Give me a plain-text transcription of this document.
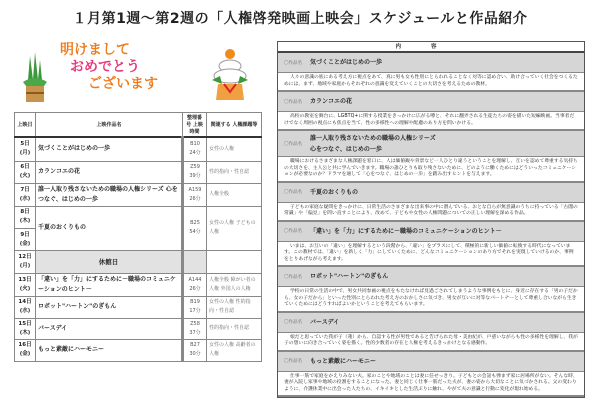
１月第1週～第2週の「人権啓発映画上映会」スケジュールと作品紹介
明けまして
おめでとう
ございます
上映日	上映作品名	整理番号 上映時間	関連する 人権課題等

5日
(月)
	気づくことがはじめの一歩	
B10
24分
	女性の人権

6日
(火)
	カランコエの花	
Z59
39分
	性的指向・性自認

7日
(水)
	誰一人取り残さないための職場の人権シリーズ 心をつなぐ、はじめの一歩	
A159
26分
	人権全般

8日
(木)
9日
(金)
	千夏のおくりもの	
B25
54分
	女性の人権 子どもの人権

12日
(月)	休館日		

13日
(火)
	「違い」を「力」にするために－職場のコミュニケーションのヒント－	
A144
26分
	人権全般 障がい者の人権 外国人の人権

14日
(水)
	ロボット"ハートン"のぎもん	
B19
17分
	女性の人権 性的指向・性自認

15日
(木)
	バースデイ	
Z58
37分
	性的指向・性自認

16日
(金)
	もっと素敵にハーモニー	
B27
30分
	女性の人権 高齢者の人権
内容
〇作品名	気づくことがはじめの一歩
人々の意識の底にある考え方に視点をあて、真に男も女も性別にとらわれることなく対等に認め合い、助け合っていく社会をつくるためには、まず、地域や家庭からそれぞれの意識を変えていくことの大切さを考えるための教材。
〇作品名	カランコエの花
高校の教室を舞台に、LGBTQ+に関する授業をきっかけに広がる噂と、それに翻弄される生徒たちの姿を描いた短編映画。当事者だけでなく周囲の視点にも焦点を当て、性の多様性への理解や配慮のあり方を問いかける。
〇作品名
誰一人取り残さないための職場の人権シリーズ
心をつなぐ、はじめの一歩
職場におけるさまざまな人権課題を窓口に、人は価値観や背景など一人ひとり違うということを理解し、互いを認めて尊重する気持ちの大切さを、主人公と共に学んでいきます。職場の誰ひとりも取り残さないために、どのように働くためにはどういったコミュニケーションが必要なのか？ドラマを通して「心をつなぐ、はじめの一歩」を踏み出すヒントを与えます。
〇作品名	千夏のおくりもの
子どもの家庭な疑問をきっかけに、日常生活のさまざまな出来事の中に潜んでいる、おとな自らが無意識のうちに持っている「古闇の常識」や「偏見」を問い直すことにより、改めて、子どもや女性の人権問題についての正しい理解を深める作品。
〇作品名	「違い」を「力」にするために－職場のコミュニケーションのヒント－
いまは、お互いの「違い」を理解するという段階から、「違い」をプラスにして、積極的に新しい価値に転換する時代になっています。この教材では、「違い」を新しく「力」にしていくために、どんなコミュニケーションのあり方でそれを実現していけるのか、事例をとりあげながら考えます。
〇作品名	ロボット"ハートン"のぎもん
学校の日常の生活の中で、男女共同参画の視点をもたなければ見過ごされてしまうような事例をもとに、身近に存在する「男の子だから、女の子だから」といった性別にとらわれた考え方のおかしさに気づき、男女が互いに対等なパートナーとして尊重し合いながら生きていくためにはどうすればよいかということを考えてもらいます。
〇作品名	バースデイ
娘だと思っていた我が子（蓮）から、自認する性が男性であると告げられた母・美由紀が、戸惑いながらも性の多様性を理解し、我が子の想いに向き合っていく姿を描く。性的少数者の存在と人権を考えるきっかけとなる感動作。
〇作品名	もっと素敵にハーモニー
仕事一筋で家庭をかえりみない夫。家のことや地域のことは妻に任せっきり。子どもとの会話も弾まず家に居場所がない。そんな時、妻が入院し家事や地域の役割をすることになった。妻と同じく仕事一筋だった夫が、妻の姿から大切なことに気づかされる。父の変わりように、介護休業中に出会った人たちの、イキイキとした生活ぶりに触れ、やがて夫の意識と行動に変化が現れ始める。
